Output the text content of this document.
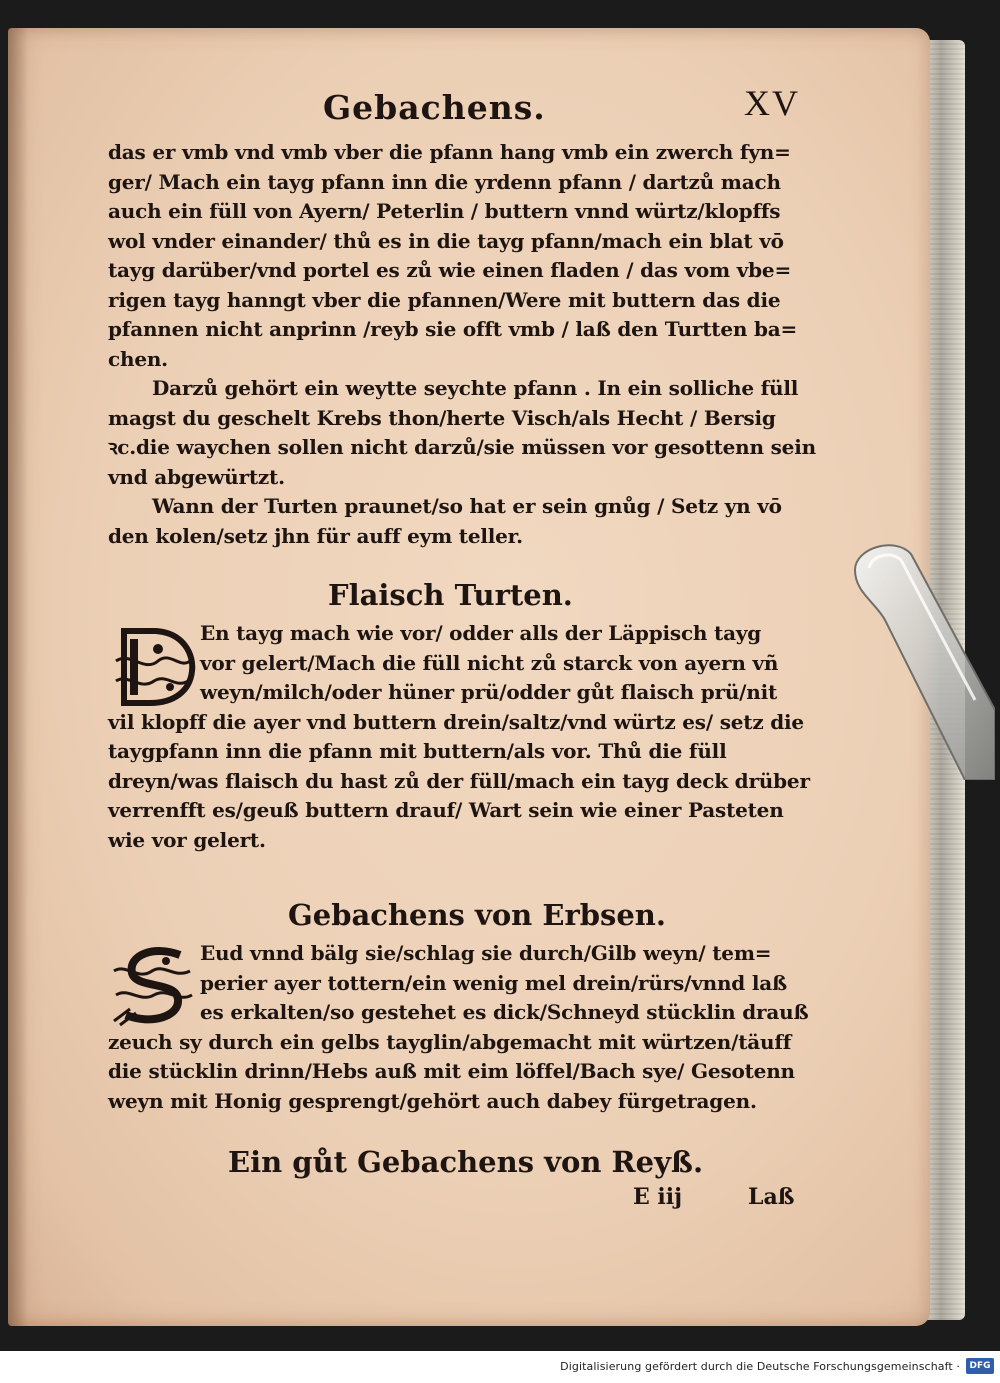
Gebachens.	XV
das er vmb vnd vmb vber die pfann hang vmb ein zwerch fyn=
ger/ Mach ein tayg pfann inn die yrdenn pfann / dartzů mach
auch ein füll von Ayern/ Peterlin / buttern vnnd würtz/klopffs
wol vnder einander/ thů es in die tayg pfann/mach ein blat vō
tayg darüber/vnd portel es zů wie einen fladen / das vom vbe=
rigen tayg hanngt vber die pfannen/Were mit buttern das die
pfannen nicht anprinn /reyb sie offt vmb / laß den Turtten ba=
chen.
Darzů gehört ein weytte seychte pfann . In ein solliche füll
magst du geschelt Krebs thon/herte Visch/als Hecht / Bersig
ꝛc.die waychen sollen nicht darzů/sie müssen vor gesottenn sein
vnd abgewürtzt.
Wann der Turten praunet/so hat er sein gnůg / Setz yn vō
den kolen/setz jhn für auff eym teller.
Flaisch Turten.
En tayg mach wie vor/ odder alls der Läppisch tayg
vor gelert/Mach die füll nicht zů starck von ayern vñ
weyn/milch/oder hüner prü/odder gůt flaisch prü/nit
vil klopff die ayer vnd buttern drein/saltz/vnd würtz es/ setz die
taygpfann inn die pfann mit buttern/als vor. Thů die füll
dreyn/was flaisch du hast zů der füll/mach ein tayg deck drüber
verrenfft es/geuß buttern drauf/ Wart sein wie einer Pasteten
wie vor gelert.
Gebachens von Erbsen.
Eud vnnd bälg sie/schlag sie durch/Gilb weyn/ tem=
perier ayer tottern/ein wenig mel drein/rürs/vnnd laß
es erkalten/so gestehet es dick/Schneyd stücklin drauß
zeuch sy durch ein gelbs tayglin/abgemacht mit würtzen/täuff
die stücklin drinn/Hebs auß mit eim löffel/Bach sye/ Gesotenn
weyn mit Honig gesprengt/gehört auch dabey fürgetragen.
Ein gůt Gebachens von Reyß.
E iij	Laß
Digitalisierung gefördert durch die Deutsche Forschungsgemeinschaft ·	DFG
